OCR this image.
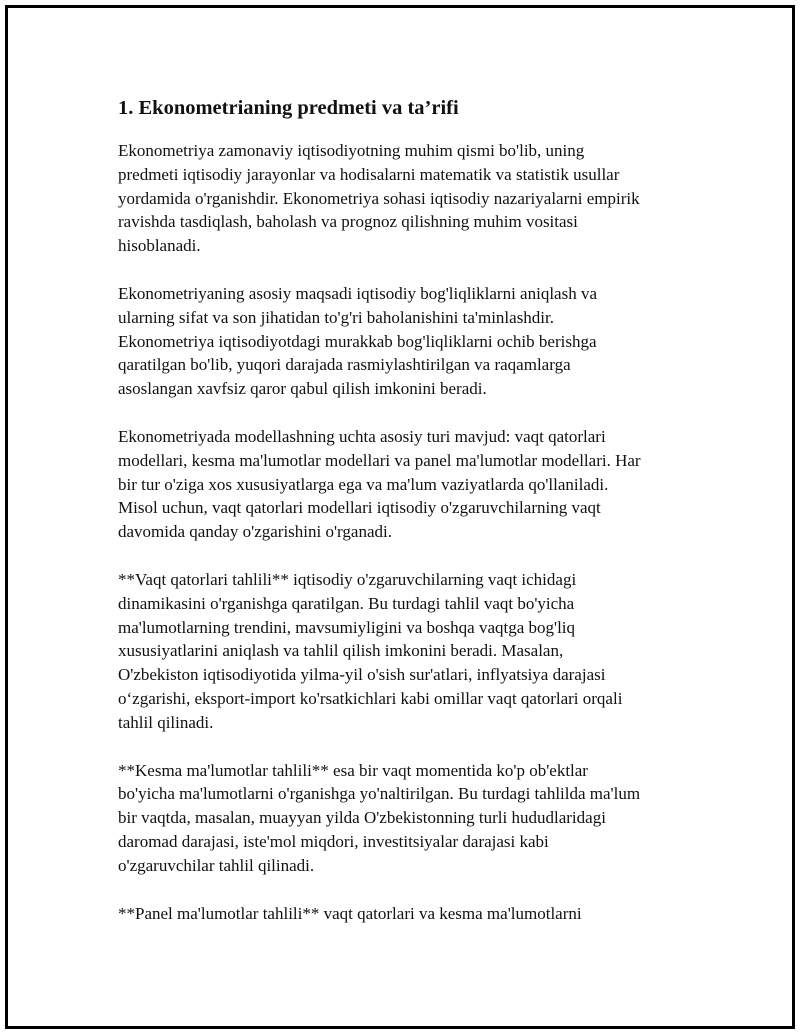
1. Ekonometrianing predmeti va ta’rifi

Ekonometriya zamonaviy iqtisodiyotning muhim qismi bo'lib, uning
predmeti iqtisodiy jarayonlar va hodisalarni matematik va statistik usullar
yordamida o'rganishdir. Ekonometriya sohasi iqtisodiy nazariyalarni empirik
ravishda tasdiqlash, baholash va prognoz qilishning muhim vositasi
hisoblanadi.

Ekonometriyaning asosiy maqsadi iqtisodiy bog'liqliklarni aniqlash va
ularning sifat va son jihatidan to'g'ri baholanishini ta'minlashdir.
Ekonometriya iqtisodiyotdagi murakkab bog'liqliklarni ochib berishga
qaratilgan bo'lib, yuqori darajada rasmiylashtirilgan va raqamlarga
asoslangan xavfsiz qaror qabul qilish imkonini beradi.

Ekonometriyada modellashning uchta asosiy turi mavjud: vaqt qatorlari
modellari, kesma ma'lumotlar modellari va panel ma'lumotlar modellari. Har
bir tur o'ziga xos xususiyatlarga ega va ma'lum vaziyatlarda qo'llaniladi.
Misol uchun, vaqt qatorlari modellari iqtisodiy o'zgaruvchilarning vaqt
davomida qanday o'zgarishini o'rganadi.

**Vaqt qatorlari tahlili** iqtisodiy o'zgaruvchilarning vaqt ichidagi
dinamikasini o'rganishga qaratilgan. Bu turdagi tahlil vaqt bo'yicha
ma'lumotlarning trendini, mavsumiyligini va boshqa vaqtga bog'liq
xususiyatlarini aniqlash va tahlil qilish imkonini beradi. Masalan,
O'zbekiston iqtisodiyotida yilma-yil o'sish sur'atlari, inflyatsiya darajasi
o‘zgarishi, eksport-import ko'rsatkichlari kabi omillar vaqt qatorlari orqali
tahlil qilinadi.

**Kesma ma'lumotlar tahlili** esa bir vaqt momentida ko'p ob'ektlar
bo'yicha ma'lumotlarni o'rganishga yo'naltirilgan. Bu turdagi tahlilda ma'lum
bir vaqtda, masalan, muayyan yilda O'zbekistonning turli hududlaridagi
daromad darajasi, iste'mol miqdori, investitsiyalar darajasi kabi
o'zgaruvchilar tahlil qilinadi.

**Panel ma'lumotlar tahlili** vaqt qatorlari va kesma ma'lumotlarni
